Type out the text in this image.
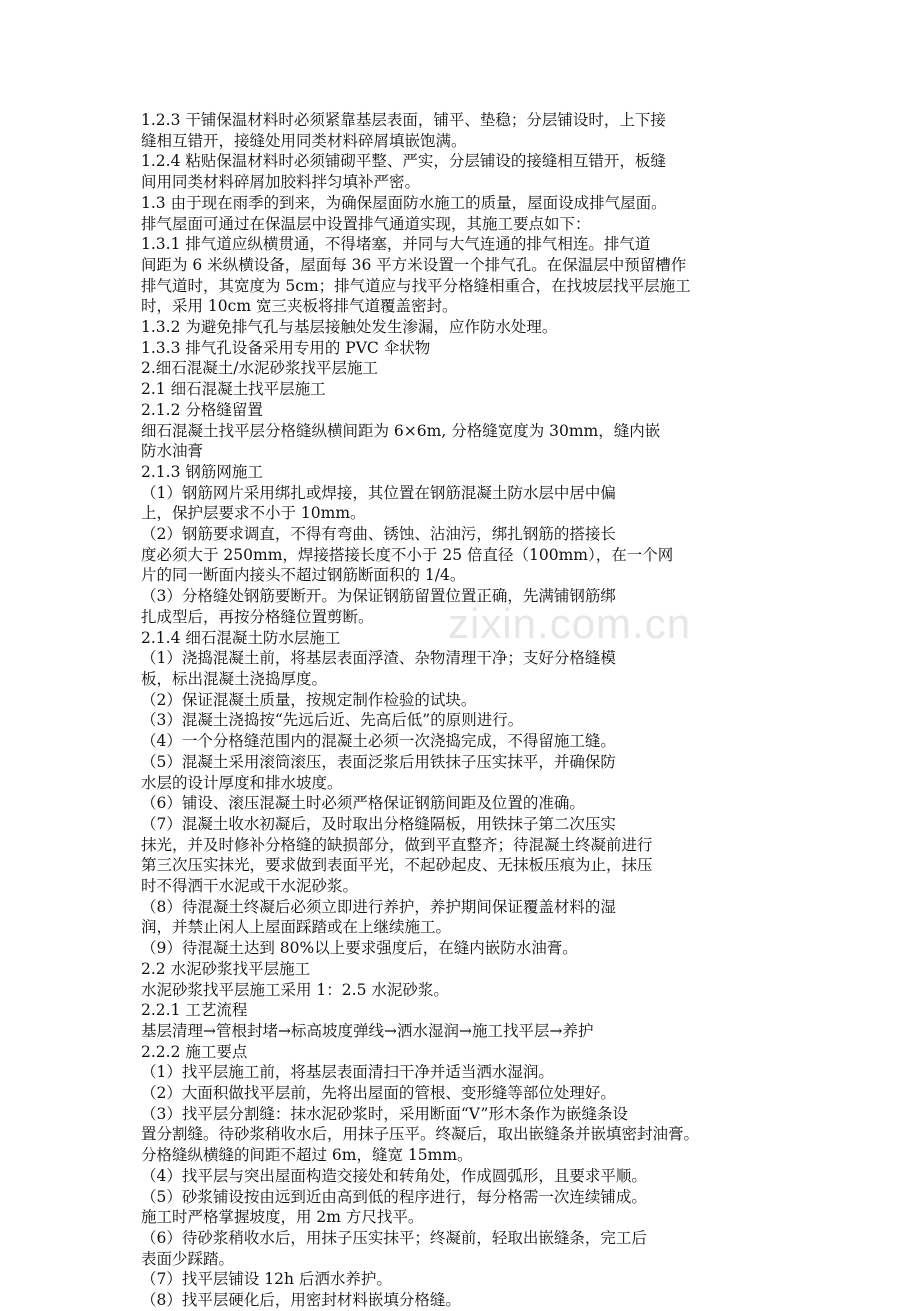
zixin.com.cn
1.2.3 干铺保温材料时必须紧靠基层表面，铺平、垫稳；分层铺设时，上下接
缝相互错开，接缝处用同类材料碎屑填嵌饱满。
1.2.4 粘贴保温材料时必须铺砌平整、严实，分层铺设的接缝相互错开，板缝
间用同类材料碎屑加胶料拌匀填补严密。
1.3 由于现在雨季的到来，为确保屋面防水施工的质量，屋面设成排气屋面。
排气屋面可通过在保温层中设置排气通道实现，其施工要点如下：
1.3.1 排气道应纵横贯通，不得堵塞，并同与大气连通的排气相连。排气道
间距为 6 米纵横设备，屋面每 36 平方米设置一个排气孔。在保温层中预留槽作
排气道时，其宽度为 5cm；排气道应与找平分格缝相重合，在找坡层找平层施工
时，采用 10cm 宽三夹板将排气道覆盖密封。
1.3.2 为避免排气孔与基层接触处发生渗漏，应作防水处理。
1.3.3 排气孔设备采用专用的 PVC 伞状物
2.细石混凝土/水泥砂浆找平层施工
2.1 细石混凝土找平层施工
2.1.2 分格缝留置
细石混凝土找平层分格缝纵横间距为 6×6m, 分格缝宽度为 30mm，缝内嵌
防水油膏
2.1.3 钢筋网施工
（1）钢筋网片采用绑扎或焊接，其位置在钢筋混凝土防水层中居中偏
上，保护层要求不小于 10mm。
（2）钢筋要求调直，不得有弯曲、锈蚀、沾油污，绑扎钢筋的搭接长
度必须大于 250mm，焊接搭接长度不小于 25 倍直径（100mm），在一个网
片的同一断面内接头不超过钢筋断面积的 1/4。
（3）分格缝处钢筋要断开。为保证钢筋留置位置正确，先满铺钢筋绑
扎成型后，再按分格缝位置剪断。
2.1.4 细石混凝土防水层施工
（1）浇捣混凝土前，将基层表面浮渣、杂物清理干净；支好分格缝模
板，标出混凝土浇捣厚度。
（2）保证混凝土质量，按规定制作检验的试块。
（3）混凝土浇捣按“先远后近、先高后低”的原则进行。
（4）一个分格缝范围内的混凝土必须一次浇捣完成，不得留施工缝。
（5）混凝土采用滚筒滚压，表面泛浆后用铁抹子压实抹平，并确保防
水层的设计厚度和排水坡度。
（6）铺设、滚压混凝土时必须严格保证钢筋间距及位置的准确。
（7）混凝土收水初凝后，及时取出分格缝隔板，用铁抹子第二次压实
抹光，并及时修补分格缝的缺损部分，做到平直整齐；待混凝土终凝前进行
第三次压实抹光，要求做到表面平光，不起砂起皮、无抹板压痕为止，抹压
时不得洒干水泥或干水泥砂浆。
（8）待混凝土终凝后必须立即进行养护，养护期间保证覆盖材料的湿
润，并禁止闲人上屋面踩踏或在上继续施工。
（9）待混凝土达到 80%以上要求强度后，在缝内嵌防水油膏。
2.2 水泥砂浆找平层施工
水泥砂浆找平层施工采用 1：2.5 水泥砂浆。
2.2.1 工艺流程
基层清理→管根封堵→标高坡度弹线→洒水湿润→施工找平层→养护
2.2.2 施工要点
（1）找平层施工前，将基层表面清扫干净并适当洒水湿润。
（2）大面积做找平层前，先将出屋面的管根、变形缝等部位处理好。
（3）找平层分割缝：抹水泥砂浆时，采用断面“V”形木条作为嵌缝条设
置分割缝。待砂浆稍收水后，用抹子压平。终凝后，取出嵌缝条并嵌填密封油膏。
分格缝纵横缝的间距不超过 6m，缝宽 15mm。
（4）找平层与突出屋面构造交接处和转角处，作成圆弧形，且要求平顺。
（5）砂浆铺设按由远到近由高到低的程序进行，每分格需一次连续铺成。
施工时严格掌握坡度，用 2m 方尺找平。
（6）待砂浆稍收水后，用抹子压实抹平；终凝前，轻取出嵌缝条，完工后
表面少踩踏。
（7）找平层铺设 12h 后洒水养护。
（8）找平层硬化后，用密封材料嵌填分格缝。
